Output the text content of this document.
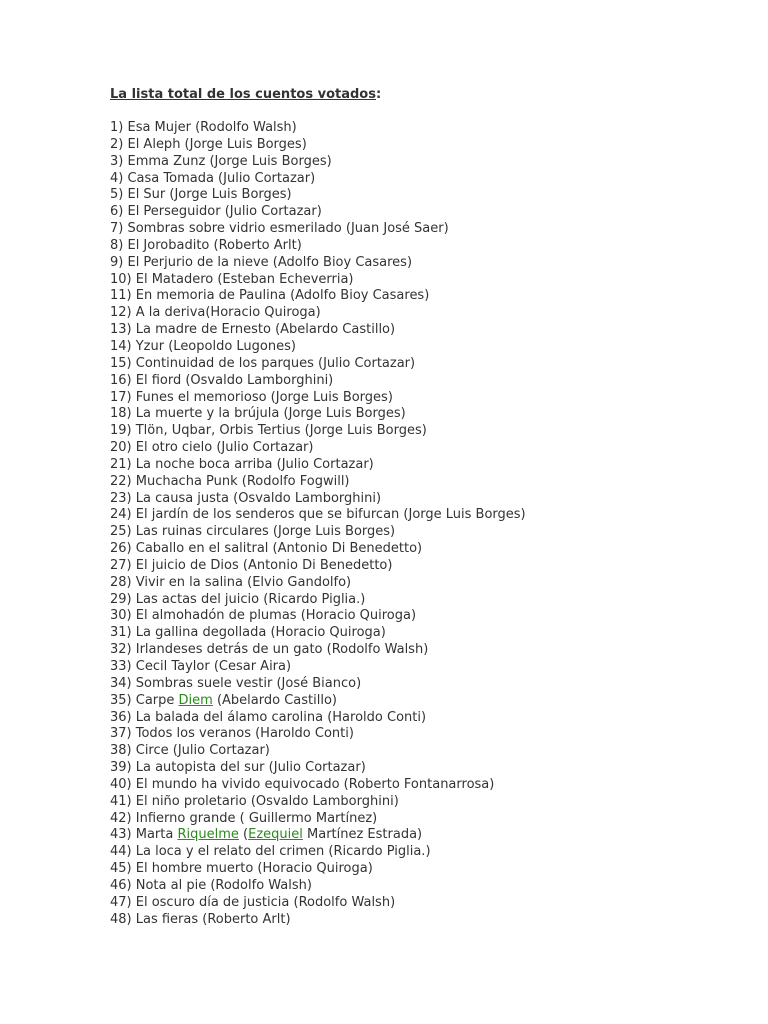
La lista total de los cuentos votados:
1) Esa Mujer (Rodolfo Walsh)
2) El Aleph (Jorge Luis Borges)
3) Emma Zunz (Jorge Luis Borges)
4) Casa Tomada (Julio Cortazar)
5) El Sur (Jorge Luis Borges)
6) El Perseguidor (Julio Cortazar)
7) Sombras sobre vidrio esmerilado (Juan José Saer)
8) El Jorobadito (Roberto Arlt)
9) El Perjurio de la nieve (Adolfo Bioy Casares)
10) El Matadero (Esteban Echeverria)
11) En memoria de Paulina (Adolfo Bioy Casares)
12) A la deriva(Horacio Quiroga)
13) La madre de Ernesto (Abelardo Castillo)
14) Yzur (Leopoldo Lugones)
15) Continuidad de los parques (Julio Cortazar)
16) El fiord (Osvaldo Lamborghini)
17) Funes el memorioso (Jorge Luis Borges)
18) La muerte y la brújula (Jorge Luis Borges)
19) Tlön, Uqbar, Orbis Tertius (Jorge Luis Borges)
20) El otro cielo (Julio Cortazar)
21) La noche boca arriba (Julio Cortazar)
22) Muchacha Punk (Rodolfo Fogwill)
23) La causa justa (Osvaldo Lamborghini)
24) El jardín de los senderos que se bifurcan (Jorge Luis Borges)
25) Las ruinas circulares (Jorge Luis Borges)
26) Caballo en el salitral (Antonio Di Benedetto)
27) El juicio de Dios (Antonio Di Benedetto)
28) Vivir en la salina (Elvio Gandolfo)
29) Las actas del juicio (Ricardo Piglia.)
30) El almohadón de plumas (Horacio Quiroga)
31) La gallina degollada (Horacio Quiroga)
32) Irlandeses detrás de un gato (Rodolfo Walsh)
33) Cecil Taylor (Cesar Aira)
34) Sombras suele vestir (José Bianco)
35) Carpe Diem (Abelardo Castillo)
36) La balada del álamo carolina (Haroldo Conti)
37) Todos los veranos (Haroldo Conti)
38) Circe (Julio Cortazar)
39) La autopista del sur (Julio Cortazar)
40) El mundo ha vivido equivocado (Roberto Fontanarrosa)
41) El niño proletario (Osvaldo Lamborghini)
42) Infierno grande ( Guillermo Martínez)
43) Marta Riquelme (Ezequiel Martínez Estrada)
44) La loca y el relato del crimen (Ricardo Piglia.)
45) El hombre muerto (Horacio Quiroga)
46) Nota al pie (Rodolfo Walsh)
47) El oscuro día de justicia (Rodolfo Walsh)
48) Las fieras (Roberto Arlt)
